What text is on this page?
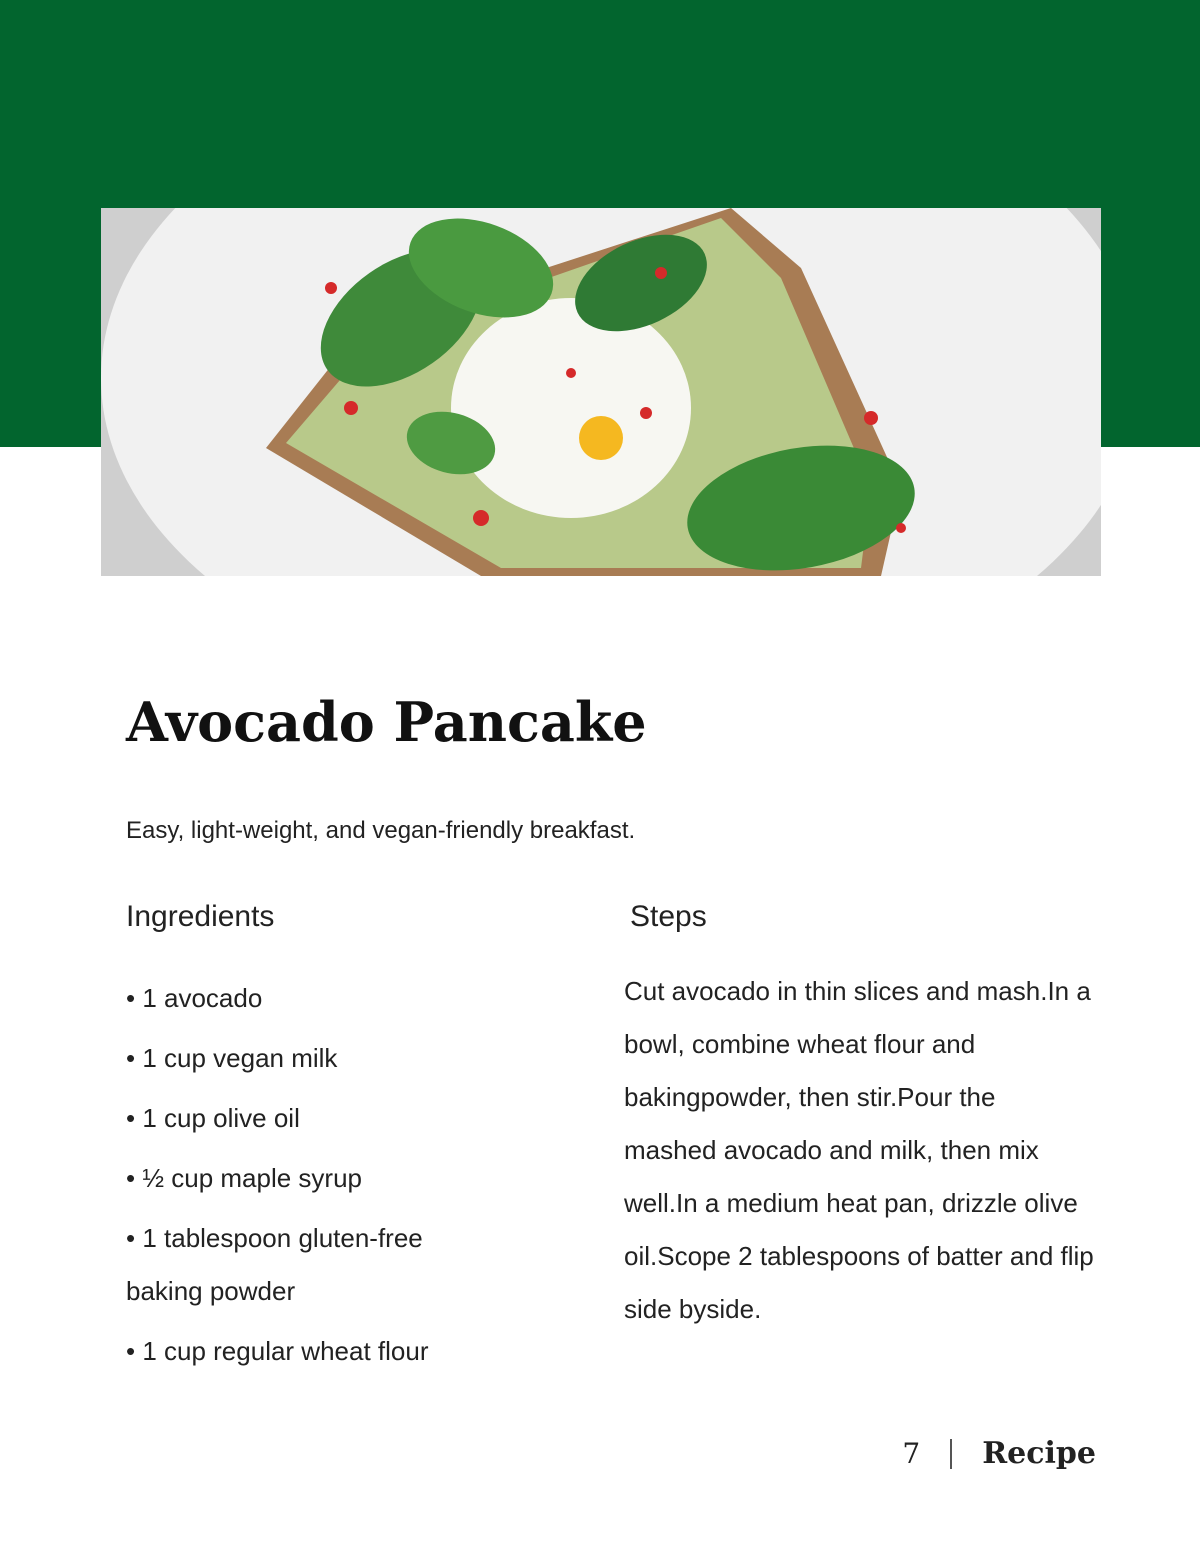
Avocado Pancake

Easy, light-weight, and vegan-friendly breakfast.

Ingredients	Steps
• 1 avocado
• 1 cup vegan milk
• 1 cup olive oil
• ½ cup maple syrup
• 1 tablespoon gluten-free baking powder
• 1 cup regular wheat flour

Cut avocado in thin slices and mash.In a bowl, combine wheat flour and bakingpowder, then stir.Pour the mashed avocado and milk, then mix well.In a medium heat pan, drizzle olive oil.Scope 2 tablespoons of batter and flip side byside.

7 Recipe
